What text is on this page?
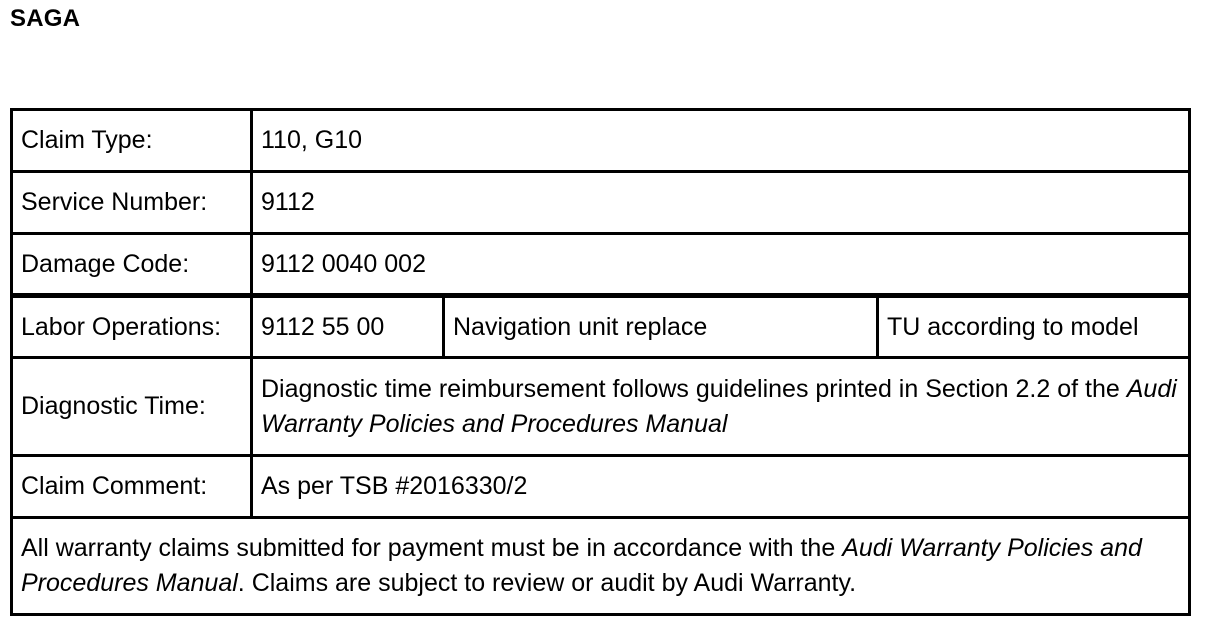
SAGA
Claim Type:	110, G10
Service Number:	9112
Damage Code:	9112 0040 002
Labor Operations:	9112 55 00	Navigation unit replace	TU according to model
Diagnostic Time:
Diagnostic time reimbursement follows guidelines printed in Section 2.2 of the Audi Warranty Policies and Procedures Manual
Claim Comment:	As per TSB #2016330/2
All warranty claims submitted for payment must be in accordance with the Audi Warranty Policies and Procedures Manual. Claims are subject to review or audit by Audi Warranty.
